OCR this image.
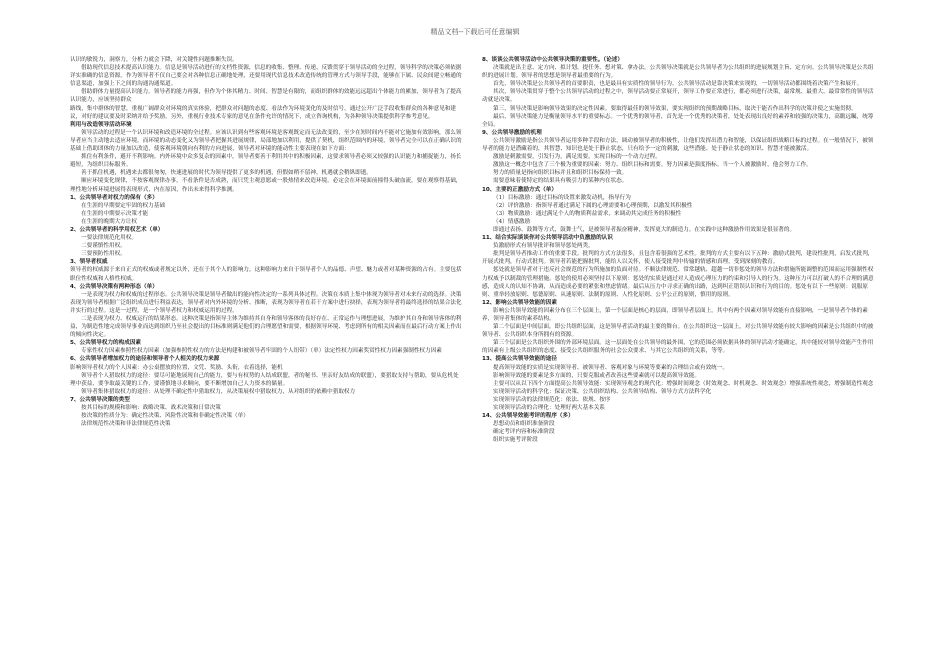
精品文档--下载后可任意编辑

认识的敏锐力，洞察力，分析力就会下降，对关键性问题推断失误。

借助现代信息技术提高认识能力。信息是领导活动进行的文档性资源，信息的收集、整理、传递、反馈贯穿于领导活动的全过程，领导科学的决策必须依据详实准确的信息资源。作为领导者不仅自己要会对各种信息正确地处理，还要用现代信息技术改造传统的管理方式与领导手段，能够在下属、民众间建立畅通的信息渠道，加强上下之间的沟通沟通渠道。

借助群体力量提高认识能力。领导者的能力再强，但作为个体其精力、时间、智慧是有限的，而组织群体的效能远远超出个体能力的累加，领导者为了提高认识能力，应该坚持群众

路线，集中群体的智慧，重视广阔群众对环境的真实体验，把群众对问题的态度、看法作为环境变化的及时信号，通过公开广泛手段收集群众的各种意见和建议，对好的建议要及时采纳并给予奖励，另外，重视行业技术专家的意见在条件允许的情况下，成立咨询机构，为各种领导决策提供科学参考意见。

利用与改造领导活动环境

领导活动的过程是一个认识环境和改造环境的全过程。应该认识到有些客观环境是客观既定而无法改变的，至少在短时间内不能对它施加有效影响，那么领导者应当主动地去适应环境，而环境的动态变化又为领导者把握其进展规律，局部地加以利用，提供了契机，组织范围内的环境，领导者完全可以在正确认识的基础上借助团体的力量加以改造，使客观环境朝向有利的方向进展，领导者对环境的能动性主要表现在如下方面：

抓住有利条件，避开不利影响。内外环境中众多复杂的因素中，领导者要善于利用其中的积极因素，这要求领导者必须又较强的认识能力和捕捉能力，扬长避短，为组织目标服务。

善于抓住机遇，机遇来去都很匆匆，快速进展的时代为领导提供了更多的机遇，但假如稍不留神，机遇就会稍纵即逝。

顺应环境变化规律，不按客观规律办事，不看条件是否成熟，而只凭主观意愿或一股热情来改造环境，必定会在环境面前撞得头破血流。要在观察得基础，理性地分析环境进展得表现形式，内在原因，作出未来得科学推测。

1、公共领导者对权力的保有（多）

在生涯的早期要定牢固的权力基础

在生涯的中期要示决策才能

在生涯的晚期大方让权

2、公共领导者的科学用权艺术（单）

一要法律规范化用权。

二要谨慎性用权。

三要预防性用权。

3、领导者权威

领导者的权威源于来自正式的权威或者规定以外，还在于其个人的影响力，这种影响力来自于领导者个人的品德、声望、魅力或者对某种资源的占有。主要包括职位性权威和人格性权威。

4、公共领导决策有两种形态（单）

一是表现为权力和权威的过程形态。公共领导决策是领导者做出的能向性决定的一系列具体过程。决策在本质上集中体现为领导者对未来行动的选择。决策表现为领导者根据广泛组织成员进行利益表达，领导者对内外环境的分析、推断，表现为领导者在若干方案中进行抉择，表现为领导者将最终选择的结果合法化并实行的过程。这是一过程，是一个领导者权力和权威运用的过程。

二是表现为权力、权威运行的结果形态。这种决策是指领导主体为维持其自身和领导客体的良好存在、正常运作与理想进展，为维护其自身和领导客体的利益，为制造性地完成领导事业而达到组织乃至社会提出的目标准则满足他们的合理愿望和需要，根据领导环境、考虑到所有的相关因素而在最后行动方案上作出的倾向性决定。

5、公共领导权力的构成因素

专家性权力因素参照性权力因素（加强参照性权力的方法是构建和被领导者牢固的个人纽带）（单）法定性权力因素奖赏性权力因素强制性权力因素

6、公共领导者增加权力的途径和领导者个人相关的权力来源

影响领导者权力的个人因素：办公桌摆放的位置，文凭、奖励、头衔，衣着选择，能机

领导者个人猎取权力的途径：要尽可能地展现自己的能力，要与有权势的人结成联盟，者的秘书、里亲好友结成的联盟），要猎取支持与帮助，要从危机处理中获益，要争取最关键的工作，要谨慎地寻求顺向，要不断增加自己人力资本的储量。

领导者集体猎取权力的途径：从处理不确定性中猎取权力，从决策展权中猎取权力，从对组织的依赖中猎取权力

7、公共领导决策的类型

按其目标的规模和影响：战略决策、战术决策和日常决策

按决策的性质分为：确定性决策、风险性决策和非确定性决策（单）

法律规范性决策和非法律规范性决策

8、谈谈公共领导活动中公共领导决策的重要性。（论述）

决策就是出主意、定方向、拟计划、提任务、想对策、拿办法。公共领导决策就是公共领导者为公共组织的进展规划主旨、定方向。公共领导决策是公共组织的进展计划。领导者的思想是领导者最重要的行为。

首先，领导决策是公共领导者的首要职责，也是最具有实质性的领导行为。公共领导活动是靠决策来实现的，一切领导活动都围绕着决策产生和展开。

其次，领导决策贯穿于整个公共领导活动的过程之中，领导活动要正常展开，领导工作要正常进行，都必须进行决策，最常规、最重大、最常常性的领导活动就是决策。

第三，领导决策是影响领导效果的决定性因素。要取得最佳的领导效果，要实现组织的预期战略目标，取决于能否作出科学的决策并使之实施贯彻。

最后，领导决策能力是衡量领导水平的重要标志。一个优秀的领导者，首先是一个优秀的决策者，处处表现出良好的素养和较强的决策力，高瞻远瞩，统筹全局。

9、公共领导激励的机理

公共领导激励是指公共领导者运用多种手段和方法，调动被领导者的积极性，让他们发挥出潜力和智能，以保证组织战略目标的过程。在一般情况下，被领导者的能力是潜藏着的，其智慧、知识也是处于静止状态，只有给予一定的刺激，这些潜能、处于静止状态的知识、智慧才能被激活。

激励是刺激需要，引发行为，满足需要，实现目标的一个动力过程。

激励这一概念中包含了三个极为重要的因素：努力、组织目标和需要。努力因素是强度指标。当一个人被激励时，他会努力工作。

努力的质量是指向组织目标并且和组织目标保持一致。

需要意味着使特定的结果具有吸引力的某种内在状态。

10、主要的正激励方式（单）

（1）目标激励：通过目标的设置来激发动机，指导行为

（2）评价激励：指领导者通过满足下属的心理需要和心理预期，以激发其积极性

（3）物质激励：通过满足个人的物质利益需求，来调动其完成任务的积极性

（4）情感激励

即通过表扬、鼓舞等方式，鼓舞士气，是被领导者振奋精神，发挥更大的制造力。在实践中这种激励作用效果是很显著的。

11、结合实际谈谈你对公共领导活动中负激励的认识

负激励形式有领导批评和领导惩处两类。

批判是领导者推动工作的重要手段。批判的方式方法很多，且包含着很强的艺术性。批判的方式主要有以下五种：激励式批判，建设性批判，启发式批判，开展式批判，行动式批判。领导者若能把握批判，能给人以关怀，使人接受批判中传输的情感和真理，受到深刻的教育。

惩处就是领导者对于违反社会规范的行为所施加的负面对待。不顺法律规范、常常越轨、超越一切非惩处的领导方法和措施所能调整的范围而运用强制性权力权威予以制裁的管理措施。惩处的使用必须坚持以下原则：惩处的实质是通过对人造成心理压力的约束和引导人的行为。这种压力可以打破人的不合理的满意感，造成人的认知不协调，从而造成必要的紧张和焦虑情绪。最后从压力中寻求正确的出路，达到纠正错误认识和行为的目的。惩处有以下一些原则：说服原则、重举轻放原则、惩德原则、从速原则、法制的原则、人性化原则、公平公正的原则，慎用的原则。

12、影响公共领导效能的因素

影响公共领导效能的因素分布在三个层面上，第一个层面是核心的层面，即领导者层面上，其中有两个因素对领导效能有直接影响，一是领导者个体的素养，领导者集体的素养结构。

第二个层面是中间层面，即公共组织层面，这是领导者活动的最主要的舞台。在公共组织这一层面上，对公共领导效能有较大影响的因素是公共组织中的被领导者、公共组织本身所拥有的资源。

第三个层面是公共组织外围的外部环境层面。这一层面处在公共领导的最外围，它的范围必须依据具体的领导活动才能确定，其中能较对领导效能产生作用的因素有上级公共组织的态度、接受公共组织服务的社会公众要求、与其它公共组织的关系，等等。

13、提高公共领导效能的途径

提高领导效能的实质是实现领导者、被领导者、客观对象与环境等要素的合理结合或有效统一。

影响领导效能的要素是多方面的，只要克服或者改善这些要素就可以提高领导效能。

主要可以从以下四个方面提高公共领导效能：实现领导观念的现代化：增强时间观念（时效观念、时机观念、时效观念）增强系统性观念，增强制造性观念

实现领导活动的科学化：保证决策、公共组织结构、公共领导结构、领导方式方法科学化

实现领导活动的法律规范化：依法、依规、按序

实现领导活动的合理化：处理好两大基本关系

14、公共领导效能考评的程序（多）

思想动员和组织准备阶段

确定考评内容和标准阶段

组织实施考评阶段
